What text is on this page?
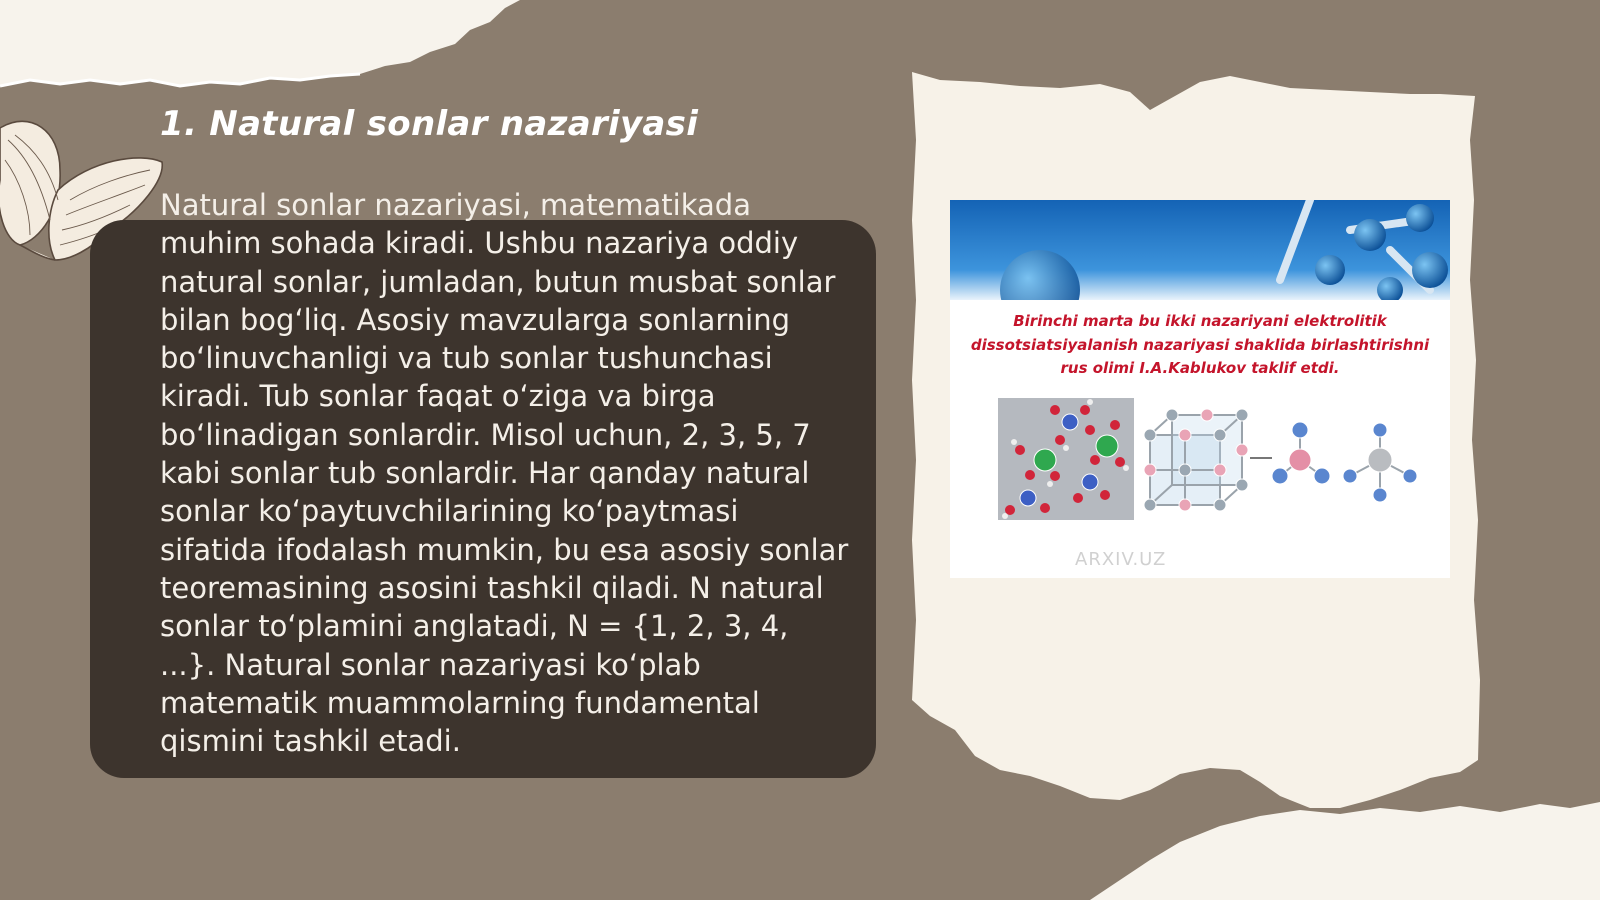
1. Natural sonlar nazariyasi

Natural sonlar nazariyasi, matematikada muhim sohada kiradi. Ushbu nazariya oddiy natural sonlar, jumladan, butun musbat sonlar bilan bog‘liq. Asosiy mavzularga sonlarning bo‘linuvchanligi va tub sonlar tushunchasi kiradi. Tub sonlar faqat o‘ziga va birga bo‘linadigan sonlardir. Misol uchun, 2, 3, 5, 7 kabi sonlar tub sonlardir. Har qanday natural sonlar ko‘paytuvchilarining ko‘paytmasi sifatida ifodalash mumkin, bu esa asosiy sonlar teoremasining asosini tashkil qiladi. N natural sonlar to‘plamini anglatadi, N = {1, 2, 3, 4, ...}. Natural sonlar nazariyasi ko‘plab matematik muammolarning fundamental qismini tashkil etadi.

Birinchi marta bu ikki nazariyani elektrolitik dissotsiatsiyalanish nazariyasi shaklida birlashtirishni rus olimi I.A.Kablukov taklif etdi.

ARXIV.UZ
